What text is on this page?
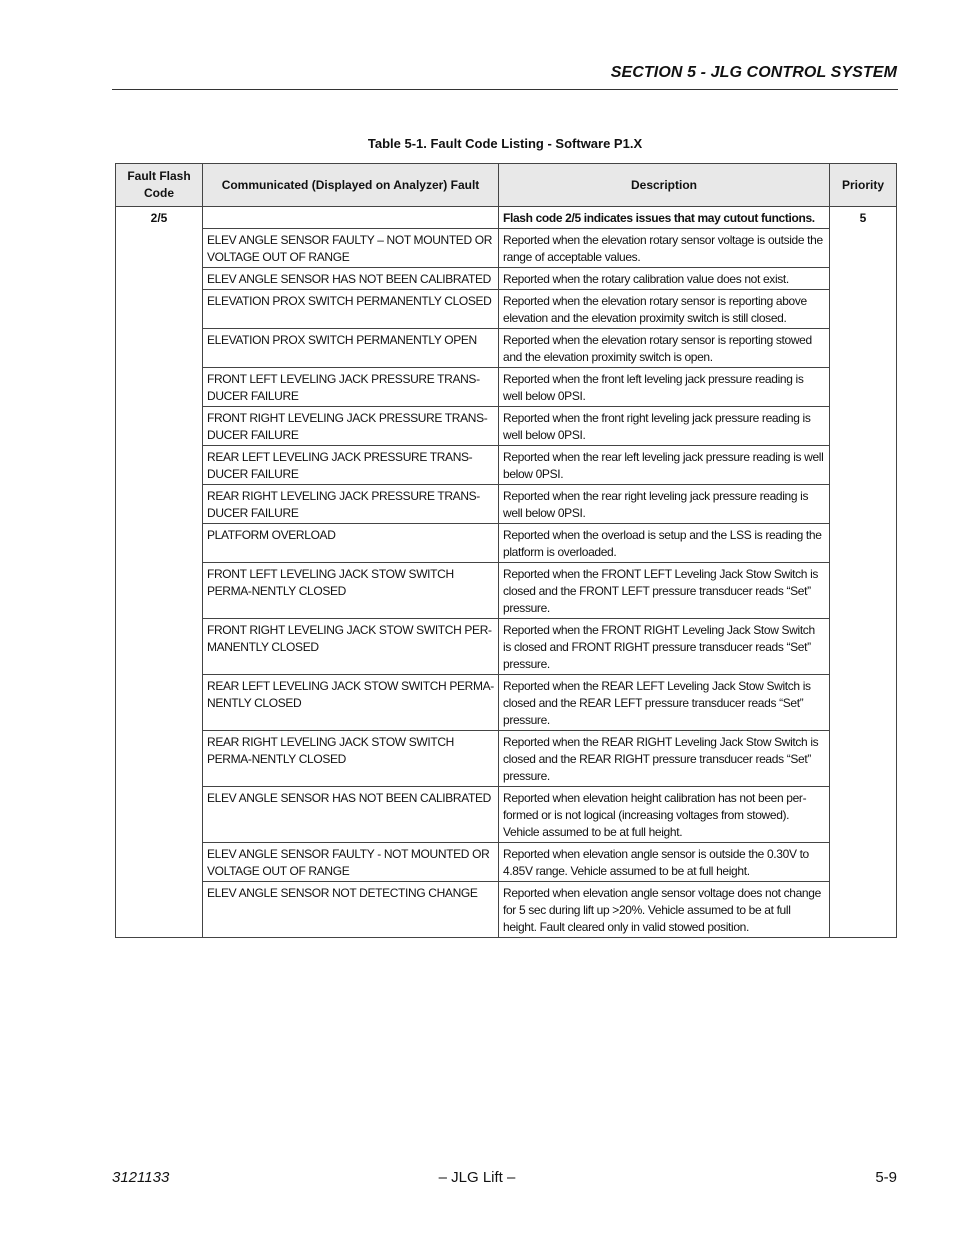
SECTION 5 - JLG CONTROL SYSTEM
Table 5-1. Fault Code Listing - Software P1.X
Fault Flash Code	Communicated (Displayed on Analyzer) Fault	Description	Priority
2/5		Flash code 2/5 indicates issues that may cutout functions.	5
	ELEV ANGLE SENSOR FAULTY – NOT MOUNTED OR VOLTAGE OUT OF RANGE	Reported when the elevation rotary sensor voltage is outside the range of acceptable values.	
	ELEV ANGLE SENSOR HAS NOT BEEN CALIBRATED	Reported when the rotary calibration value does not exist.	
	ELEVATION PROX SWITCH PERMANENTLY CLOSED	Reported when the elevation rotary sensor is reporting above elevation and the elevation proximity switch is still closed.	
	ELEVATION PROX SWITCH PERMANENTLY OPEN	Reported when the elevation rotary sensor is reporting stowed and the elevation proximity switch is open.	
	FRONT LEFT LEVELING JACK PRESSURE TRANS-DUCER FAILURE	Reported when the front left leveling jack pressure reading is well below 0PSI.	
	FRONT RIGHT LEVELING JACK PRESSURE TRANS-DUCER FAILURE	Reported when the front right leveling jack pressure reading is well below 0PSI.	
	REAR LEFT LEVELING JACK PRESSURE TRANS-DUCER FAILURE	Reported when the rear left leveling jack pressure reading is well below 0PSI.	
	REAR RIGHT LEVELING JACK PRESSURE TRANS-DUCER FAILURE	Reported when the rear right leveling jack pressure reading is well below 0PSI.	
	PLATFORM OVERLOAD	Reported when the overload is setup and the LSS is reading the platform is overloaded.	
	FRONT LEFT LEVELING JACK STOW SWITCH PERMA-NENTLY CLOSED	Reported when the FRONT LEFT Leveling Jack Stow Switch is closed and the FRONT LEFT pressure transducer reads “Set” pressure.	
	FRONT RIGHT LEVELING JACK STOW SWITCH PER-MANENTLY CLOSED	Reported when the FRONT RIGHT Leveling Jack Stow Switch is closed and FRONT RIGHT pressure transducer reads “Set” pressure.	
	REAR LEFT LEVELING JACK STOW SWITCH PERMA-NENTLY CLOSED	Reported when the REAR LEFT Leveling Jack Stow Switch is closed and the REAR LEFT pressure transducer reads “Set” pressure.	
	REAR RIGHT LEVELING JACK STOW SWITCH PERMA-NENTLY CLOSED	Reported when the REAR RIGHT Leveling Jack Stow Switch is closed and the REAR RIGHT pressure transducer reads “Set” pressure.	
	ELEV ANGLE SENSOR HAS NOT BEEN CALIBRATED	Reported when elevation height calibration has not been per-formed or is not logical (increasing voltages from stowed). Vehicle assumed to be at full height.	
	ELEV ANGLE SENSOR FAULTY - NOT MOUNTED OR VOLTAGE OUT OF RANGE	Reported when elevation angle sensor is outside the 0.30V to 4.85V range. Vehicle assumed to be at full height.	
	ELEV ANGLE SENSOR NOT DETECTING CHANGE	Reported when elevation angle sensor voltage does not change for 5 sec during lift up >20%. Vehicle assumed to be at full height. Fault cleared only in valid stowed position.	
3121133	– JLG Lift –	5-9
